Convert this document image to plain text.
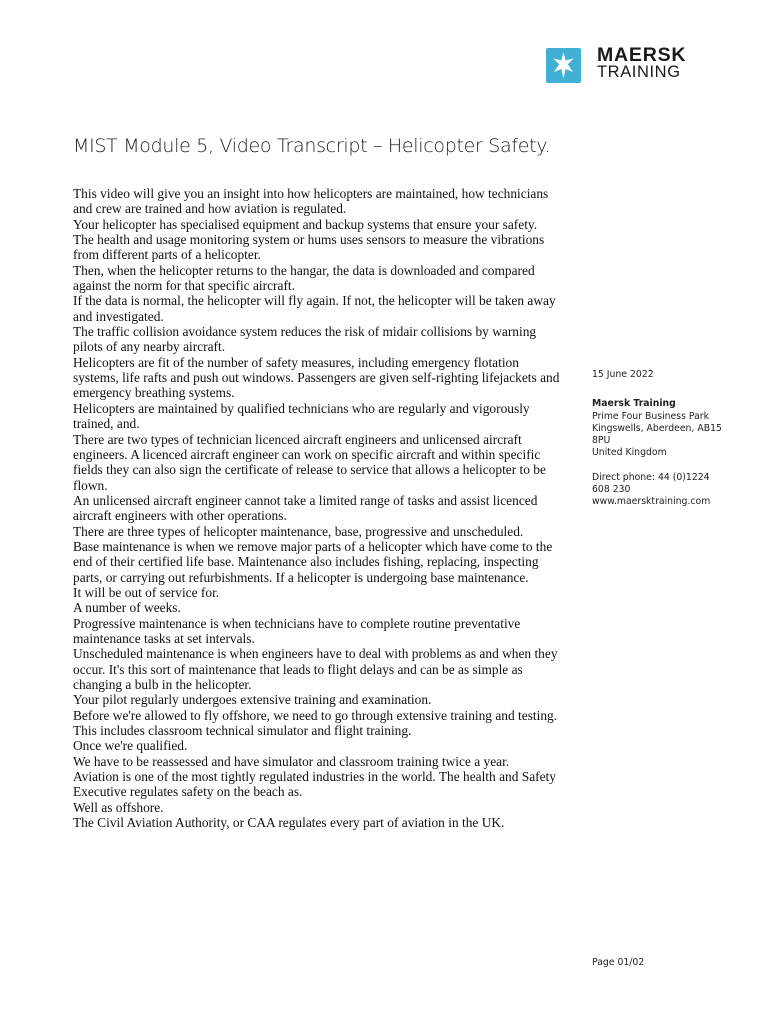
MAERSK
TRAINING
MIST Module 5, Video Transcript – Helicopter Safety.

This video will give you an insight into how helicopters are maintained, how technicians and crew are trained and how aviation is regulated.

Your helicopter has specialised equipment and backup systems that ensure your safety.

The health and usage monitoring system or hums uses sensors to measure the vibrations from different parts of a helicopter.

Then, when the helicopter returns to the hangar, the data is downloaded and compared against the norm for that specific aircraft.

If the data is normal, the helicopter will fly again. If not, the helicopter will be taken away and investigated.

The traffic collision avoidance system reduces the risk of midair collisions by warning pilots of any nearby aircraft.

Helicopters are fit of the number of safety measures, including emergency flotation systems, life rafts and push out windows. Passengers are given self-righting lifejackets and emergency breathing systems.

Helicopters are maintained by qualified technicians who are regularly and vigorously trained, and.

There are two types of technician licenced aircraft engineers and unlicensed aircraft engineers. A licenced aircraft engineer can work on specific aircraft and within specific fields they can also sign the certificate of release to service that allows a helicopter to be flown.

An unlicensed aircraft engineer cannot take a limited range of tasks and assist licenced aircraft engineers with other operations.

There are three types of helicopter maintenance, base, progressive and unscheduled.

Base maintenance is when we remove major parts of a helicopter which have come to the end of their certified life base. Maintenance also includes fishing, replacing, inspecting parts, or carrying out refurbishments. If a helicopter is undergoing base maintenance.

It will be out of service for.

A number of weeks.

Progressive maintenance is when technicians have to complete routine preventative maintenance tasks at set intervals.

Unscheduled maintenance is when engineers have to deal with problems as and when they occur. It's this sort of maintenance that leads to flight delays and can be as simple as changing a bulb in the helicopter.

Your pilot regularly undergoes extensive training and examination.

Before we're allowed to fly offshore, we need to go through extensive training and testing. This includes classroom technical simulator and flight training.

Once we're qualified.

We have to be reassessed and have simulator and classroom training twice a year.

Aviation is one of the most tightly regulated industries in the world. The health and Safety Executive regulates safety on the beach as.

Well as offshore.

The Civil Aviation Authority, or CAA regulates every part of aviation in the UK.

15 June 2022
Maersk Training
Prime Four Business Park
Kingswells, Aberdeen, AB15
8PU
United Kingdom
Direct phone: 44 (0)1224
608 230
www.maersktraining.com
Page 01/02
